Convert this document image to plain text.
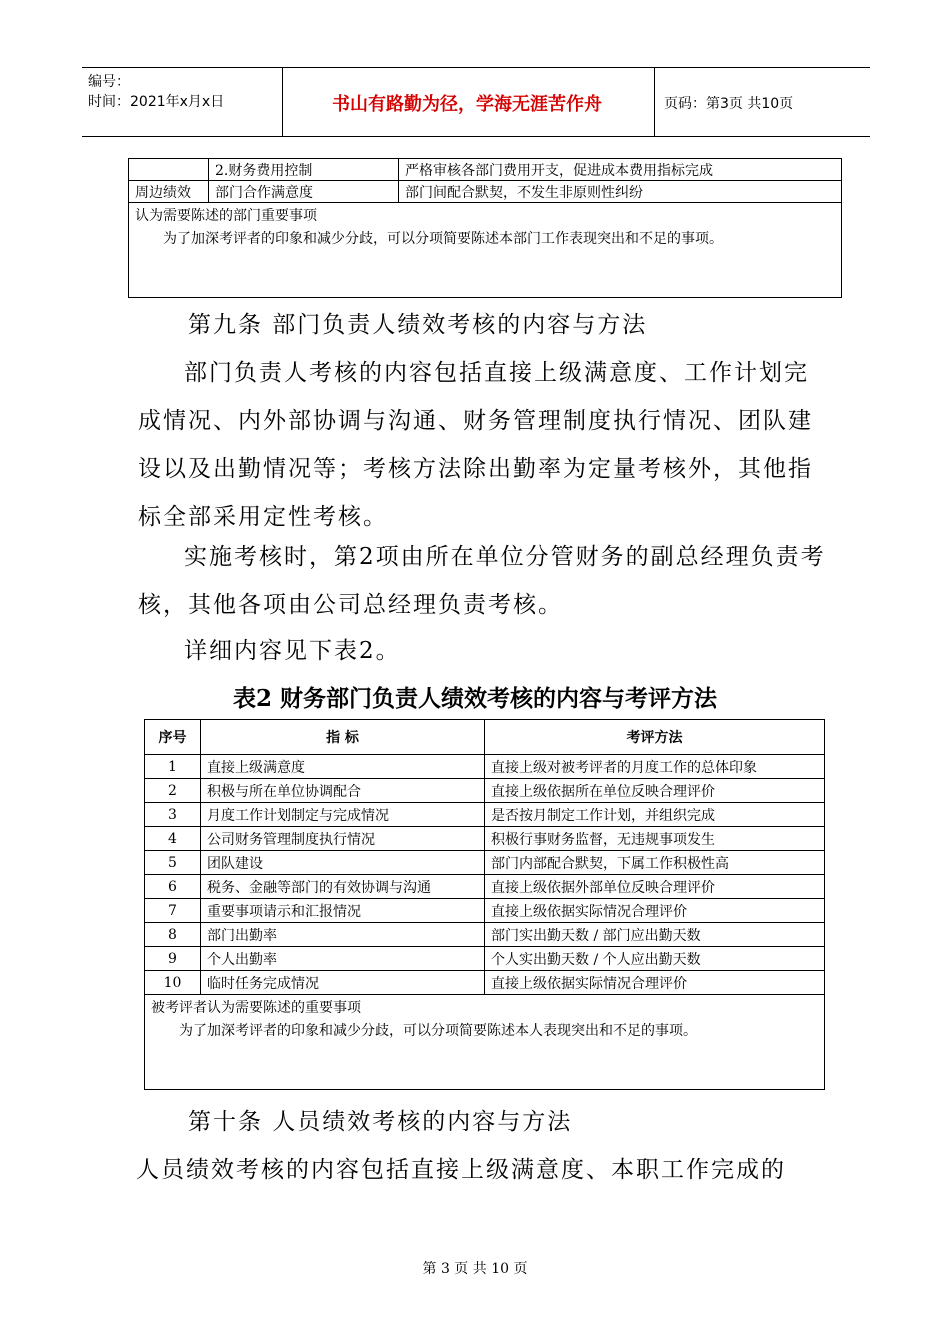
编号：
时间：2021年x月x日	书山有路勤为径，学海无涯苦作舟	页码：第3页 共10页
	2.财务费用控制	严格审核各部门费用开支，促进成本费用指标完成
周边绩效	部门合作满意度	部门间配合默契，不发生非原则性纠纷

认为需要陈述的部门重要事项
为了加深考评者的印象和减少分歧，可以分项简要陈述本部门工作表现突出和不足的事项。		

第九条 部门负责人绩效考核的内容与方法

部门负责人考核的内容包括直接上级满意度、工作计划完成情况、内外部协调与沟通、财务管理制度执行情况、团队建设以及出勤情况等；考核方法除出勤率为定量考核外，其他指标全部采用定性考核。

实施考核时，第2项由所在单位分管财务的副总经理负责考核，其他各项由公司总经理负责考核。

详细内容见下表2。

表2 财务部门负责人绩效考核的内容与考评方法

序号	指 标	考评方法
1	直接上级满意度	直接上级对被考评者的月度工作的总体印象
2	积极与所在单位协调配合	直接上级依据所在单位反映合理评价
3	月度工作计划制定与完成情况	是否按月制定工作计划，并组织完成
4	公司财务管理制度执行情况	积极行事财务监督，无违规事项发生
5	团队建设	部门内部配合默契，下属工作积极性高
6	税务、金融等部门的有效协调与沟通	直接上级依据外部单位反映合理评价
7	重要事项请示和汇报情况	直接上级依据实际情况合理评价
8	部门出勤率	部门实出勤天数 / 部门应出勤天数
9	个人出勤率	个人实出勤天数 / 个人应出勤天数
10	临时任务完成情况	直接上级依据实际情况合理评价

被考评者认为需要陈述的重要事项
为了加深考评者的印象和减少分歧，可以分项简要陈述本人表现突出和不足的事项。		

第十条 人员绩效考核的内容与方法

人员绩效考核的内容包括直接上级满意度、本职工作完成的

第 3 页 共 10 页
